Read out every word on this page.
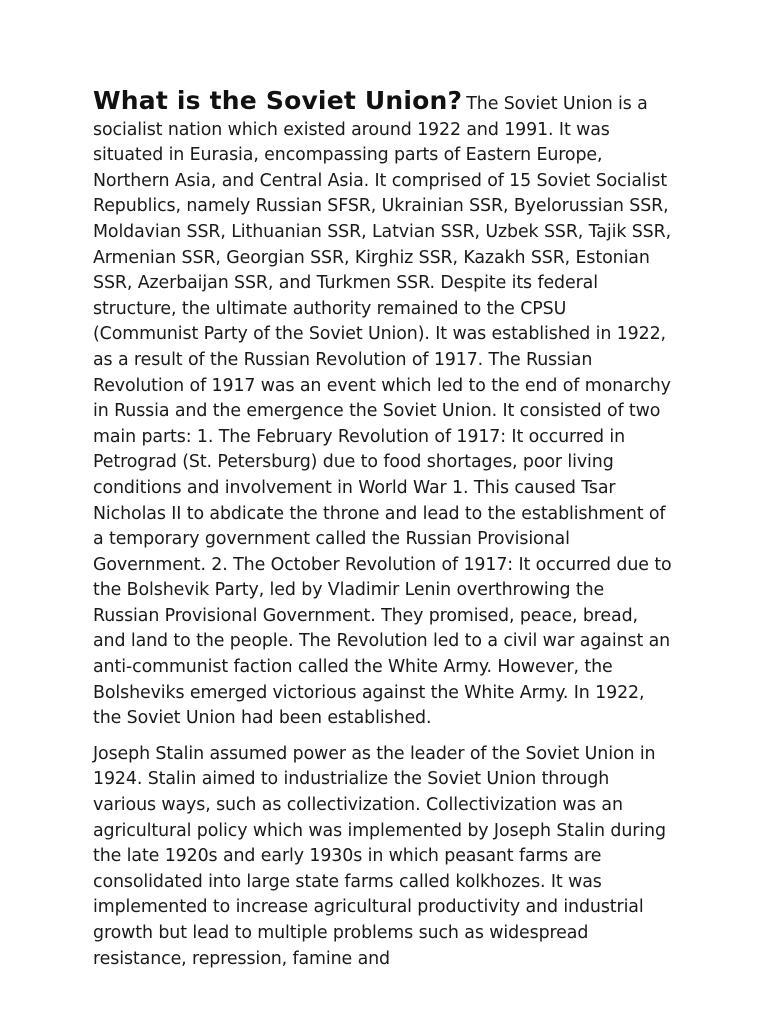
What is the Soviet Union? The Soviet Union is a socialist nation which existed around 1922 and 1991. It was situated in Eurasia, encompassing parts of Eastern Europe, Northern Asia, and Central Asia. It comprised of 15 Soviet Socialist Republics, namely Russian SFSR, Ukrainian SSR, Byelorussian SSR, Moldavian SSR, Lithuanian SSR, Latvian SSR, Uzbek SSR, Tajik SSR, Armenian SSR, Georgian SSR, Kirghiz SSR, Kazakh SSR, Estonian SSR, Azerbaijan SSR, and Turkmen SSR. Despite its federal structure, the ultimate authority remained to the CPSU (Communist Party of the Soviet Union). It was established in 1922, as a result of the Russian Revolution of 1917. The Russian Revolution of 1917 was an event which led to the end of monarchy in Russia and the emergence the Soviet Union. It consisted of two main parts: 1. The February Revolution of 1917: It occurred in Petrograd (St. Petersburg) due to food shortages, poor living conditions and involvement in World War 1. This caused Tsar Nicholas II to abdicate the throne and lead to the establishment of a temporary government called the Russian Provisional Government. 2. The October Revolution of 1917: It occurred due to the Bolshevik Party, led by Vladimir Lenin overthrowing the Russian Provisional Government. They promised, peace, bread, and land to the people. The Revolution led to a civil war against an anti-communist faction called the White Army. However, the Bolsheviks emerged victorious against the White Army. In 1922, the Soviet Union had been established.

Joseph Stalin assumed power as the leader of the Soviet Union in 1924. Stalin aimed to industrialize the Soviet Union through various ways, such as collectivization. Collectivization was an agricultural policy which was implemented by Joseph Stalin during the late 1920s and early 1930s in which peasant farms are consolidated into large state farms called kolkhozes. It was implemented to increase agricultural productivity and industrial growth but lead to multiple problems such as widespread resistance, repression, famine and
